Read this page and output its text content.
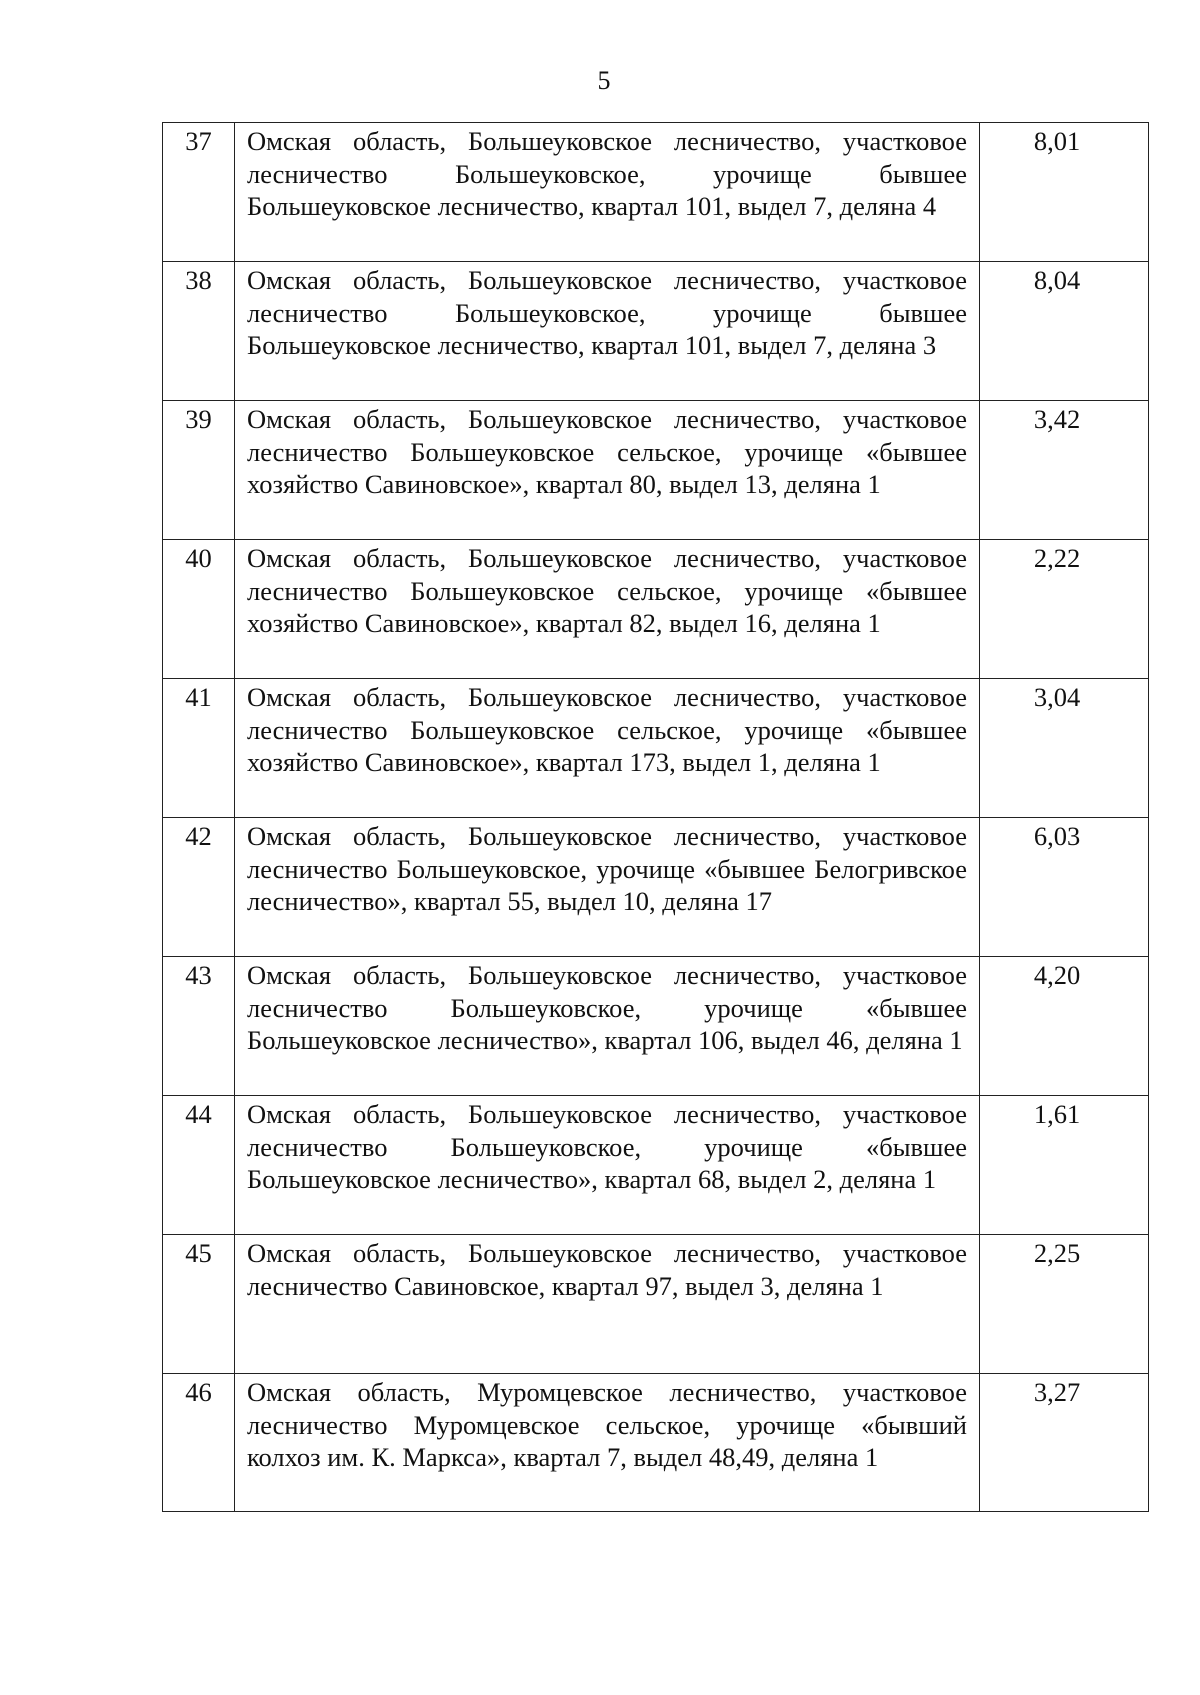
5
37	Омская область, Большеуковское лесничество, участковое лесничество Большеуковское, урочище бывшее Большеуковское лесничество, квартал 101, выдел 7, деляна 4	8,01
38	Омская область, Большеуковское лесничество, участковое лесничество Большеуковское, урочище бывшее Большеуковское лесничество, квартал 101, выдел 7, деляна 3	8,04
39	Омская область, Большеуковское лесничество, участковое лесничество Большеуковское сельское, урочище «бывшее хозяйство Савиновское», квартал 80, выдел 13, деляна 1	3,42
40	Омская область, Большеуковское лесничество, участковое лесничество Большеуковское сельское, урочище «бывшее хозяйство Савиновское», квартал 82, выдел 16, деляна 1	2,22
41	Омская область, Большеуковское лесничество, участковое лесничество Большеуковское сельское, урочище «бывшее хозяйство Савиновское», квартал 173, выдел 1, деляна 1	3,04
42	Омская область, Большеуковское лесничество, участковое лесничество Большеуковское, урочище «бывшее Белогривское лесничество», квартал 55, выдел 10, деляна 17	6,03
43	Омская область, Большеуковское лесничество, участковое лесничество Большеуковское, урочище «бывшее Большеуковское лесничество», квартал 106, выдел 46, деляна 1	4,20
44	Омская область, Большеуковское лесничество, участковое лесничество Большеуковское, урочище «бывшее Большеуковское лесничество», квартал 68, выдел 2, деляна 1	1,61
45	Омская область, Большеуковское лесничество, участковое лесничество Савиновское, квартал 97, выдел 3, деляна 1	2,25
46	Омская область, Муромцевское лесничество, участковое лесничество Муромцевское сельское, урочище «бывший колхоз им. К. Маркса», квартал 7, выдел 48,49, деляна 1	3,27
